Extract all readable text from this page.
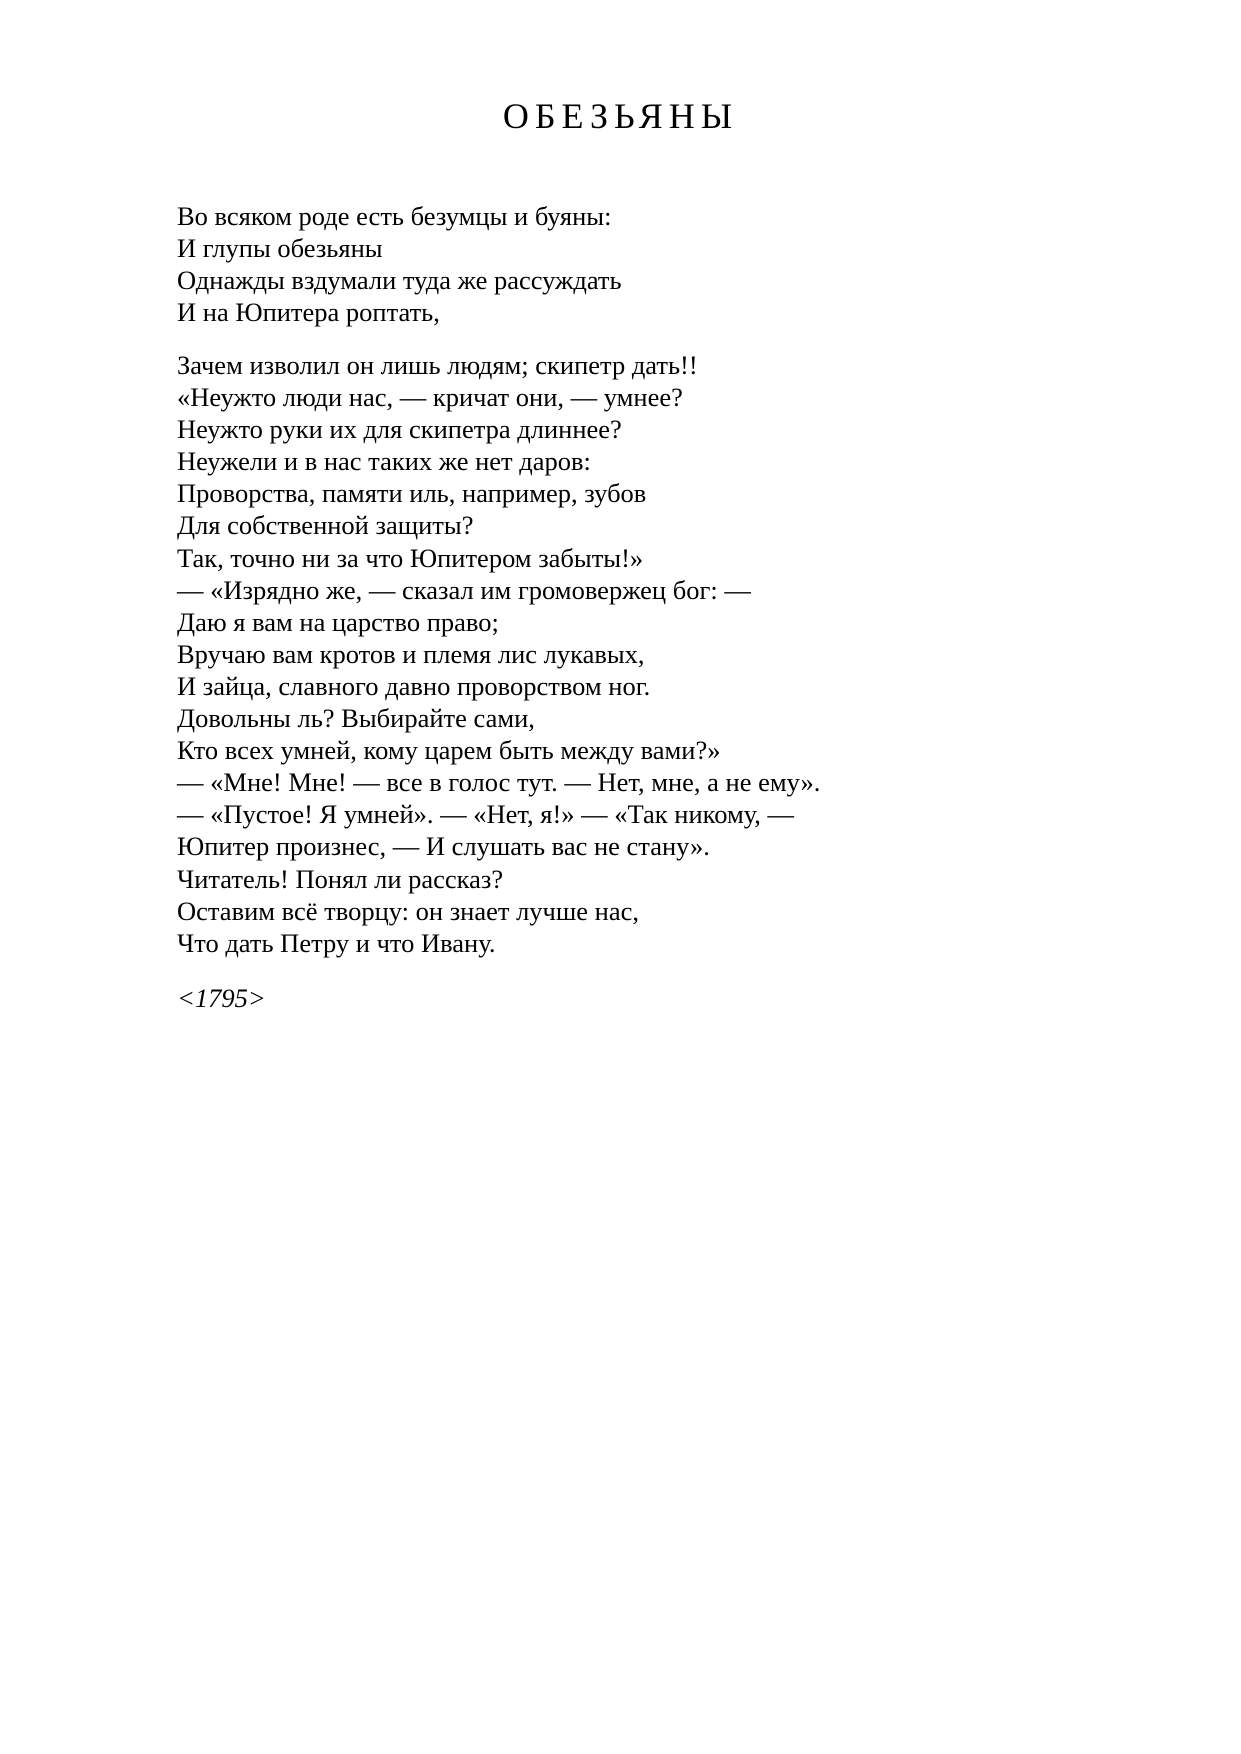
ОБЕЗЬЯНЫ
Во всяком роде есть безумцы и буяны:
И глупы обезьяны
Однажды вздумали туда же рассуждать
И на Юпитера роптать,
Зачем изволил он лишь людям; скипетр дать!!
«Неужто люди нас, — кричат они, — умнее?
Неужто руки их для скипетра длиннее?
Неужели и в нас таких же нет даров:
Проворства, памяти иль, например, зубов
Для собственной защиты?
Так, точно ни за что Юпитером забыты!»
— «Изрядно же, — сказал им громовержец бог: —
Даю я вам на царство право;
Вручаю вам кротов и племя лис лукавых,
И зайца, славного давно проворством ног.
Довольны ль? Выбирайте сами,
Кто всех умней, кому царем быть между вами?»
— «Мне! Мне! — все в голос тут. — Нет, мне, а не ему».
— «Пустое! Я умней». — «Нет, я!» — «Так никому, —
Юпитер произнес, — И слушать вас не стану».
Читатель! Понял ли рассказ?
Оставим всё творцу: он знает лучше нас,
Что дать Петру и что Ивану.

<1795>
